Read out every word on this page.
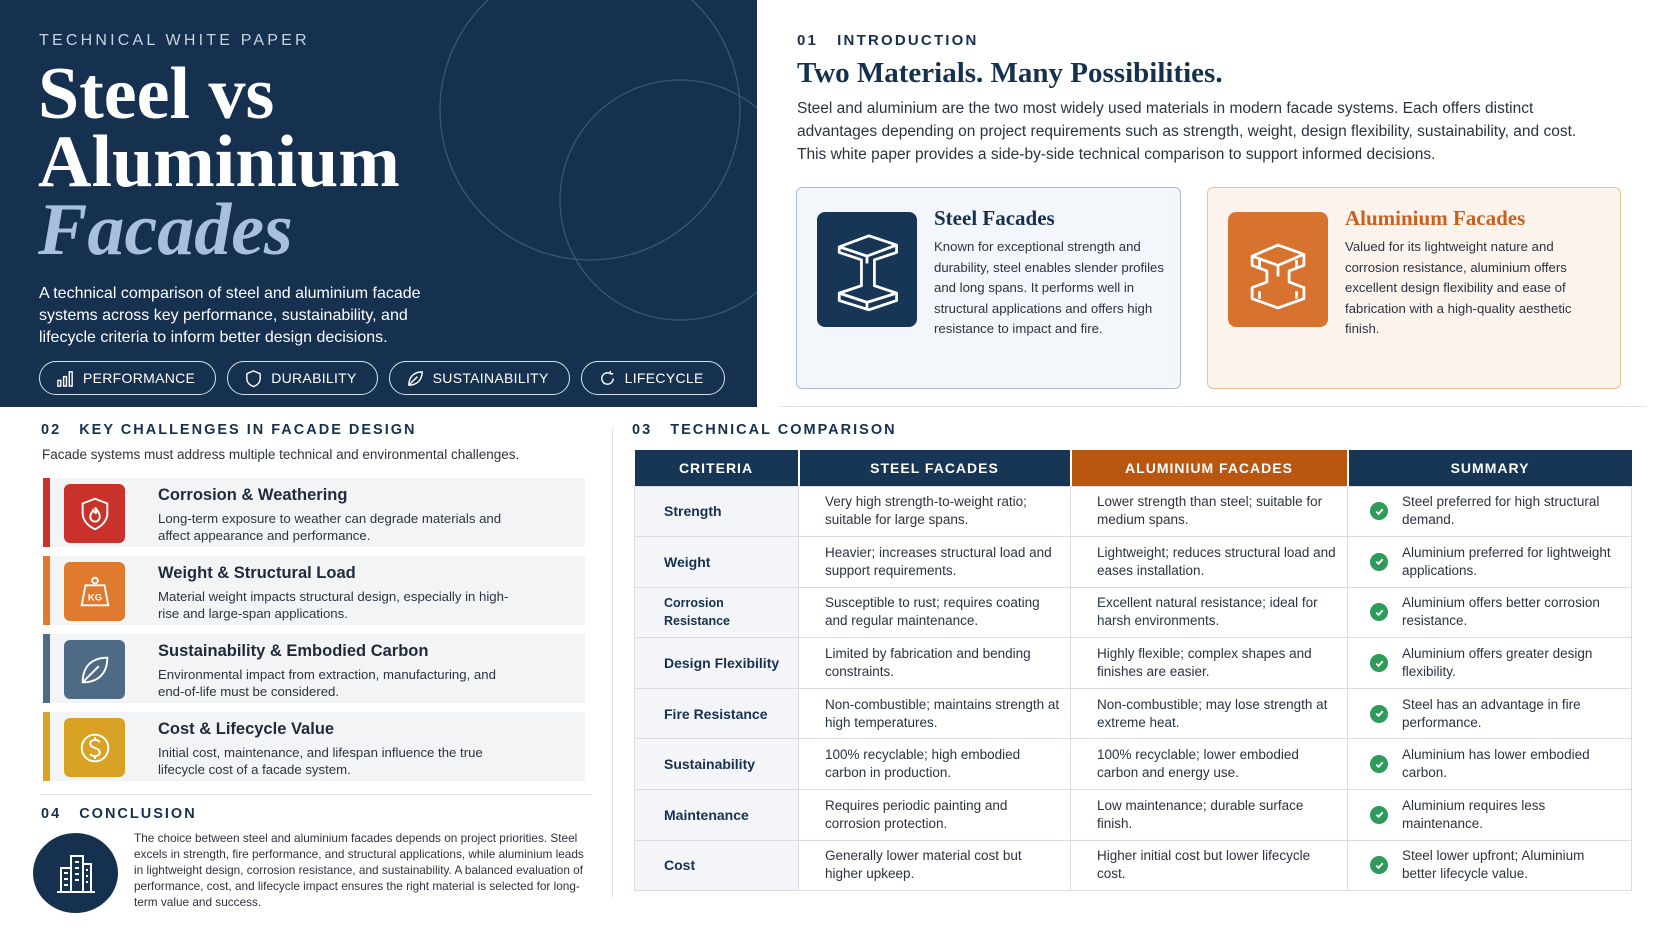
TECHNICAL WHITE PAPER
Steel vs
Aluminium
Facades
A technical comparison of steel and aluminium facade systems across key performance, sustainability, and lifecycle criteria to inform better design decisions.
PERFORMANCE	DURABILITY	SUSTAINABILITY	LIFECYCLE
01   INTRODUCTION
Two Materials. Many Possibilities.
Steel and aluminium are the two most widely used materials in modern facade systems. Each offers distinct advantages depending on project requirements such as strength, weight, design flexibility, sustainability, and cost. This white paper provides a side-by-side technical comparison to support informed decisions.
Steel Facades
Known for exceptional strength and durability, steel enables slender profiles and long spans. It performs well in structural applications and offers high resistance to impact and fire.
Aluminium Facades
Valued for its lightweight nature and corrosion resistance, aluminium offers excellent design flexibility and ease of fabrication with a high-quality aesthetic finish.
02   KEY CHALLENGES IN FACADE DESIGN
Facade systems must address multiple technical and environmental challenges.
Corrosion & Weathering
Long-term exposure to weather can degrade materials and affect appearance and performance.
KG
Weight & Structural Load
Material weight impacts structural design, especially in high-rise and large-span applications.
Sustainability & Embodied Carbon
Environmental impact from extraction, manufacturing, and end-of-life must be considered.
Cost & Lifecycle Value
Initial cost, maintenance, and lifespan influence the true lifecycle cost of a facade system.
04   CONCLUSION
The choice between steel and aluminium facades depends on project priorities. Steel excels in strength, fire performance, and structural applications, while aluminium leads in lightweight design, corrosion resistance, and sustainability. A balanced evaluation of performance, cost, and lifecycle impact ensures the right material is selected for long-term value and success.
03   TECHNICAL COMPARISON
CRITERIA	STEEL FACADES	ALUMINIUM FACADES	SUMMARY
Strength	Very high strength-to-weight ratio; suitable for large spans.	Lower strength than steel; suitable for medium spans.	Steel preferred for high structural demand.

Weight	Heavier; increases structural load and support requirements.	Lightweight; reduces structural load and eases installation.	Aluminium preferred for lightweight applications.

Corrosion Resistance	Susceptible to rust; requires coating and regular maintenance.	Excellent natural resistance; ideal for harsh environments.	Aluminium offers better corrosion resistance.

Design Flexibility	Limited by fabrication and bending constraints.	Highly flexible; complex shapes and finishes are easier.	Aluminium offers greater design flexibility.

Fire Resistance	Non-combustible; maintains strength at high temperatures.	Non-combustible; may lose strength at extreme heat.	Steel has an advantage in fire performance.

Sustainability	100% recyclable; high embodied carbon in production.	100% recyclable; lower embodied carbon and energy use.	Aluminium has lower embodied carbon.

Maintenance	Requires periodic painting and corrosion protection.	Low maintenance; durable surface finish.	Aluminium requires less maintenance.

Cost	Generally lower material cost but higher upkeep.	Higher initial cost but lower lifecycle cost.	Steel lower upfront; Aluminium better lifecycle value.
